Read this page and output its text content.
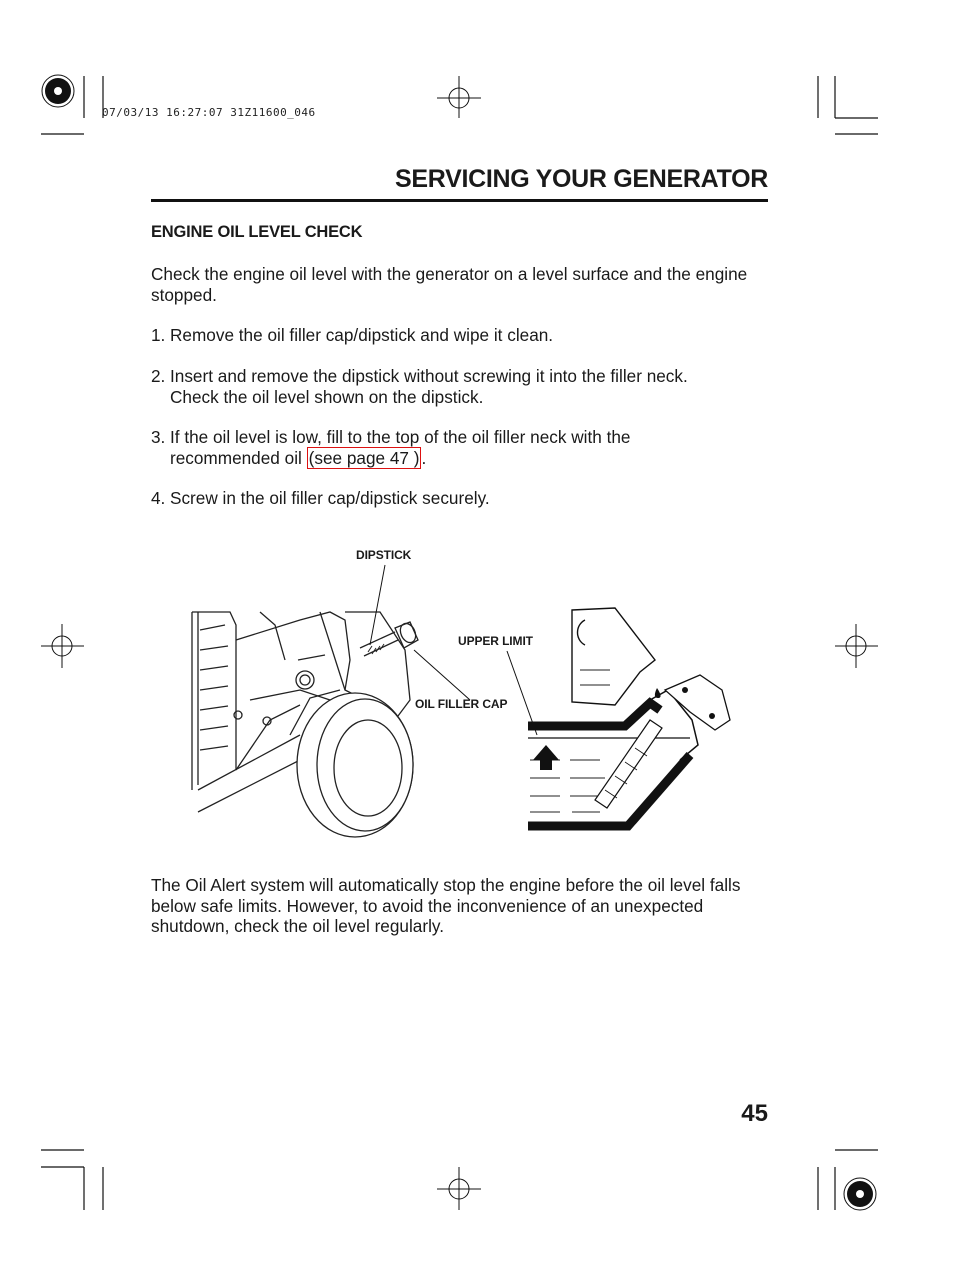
07/03/13 16:27:07 31Z11600_046
SERVICING YOUR GENERATOR
ENGINE OIL LEVEL CHECK

Check the engine oil level with the generator on a level surface and the engine stopped.

1. Remove the oil filler cap/dipstick and wipe it clean.
2. Insert and remove the dipstick without screwing it into the filler neck.
Check the oil level shown on the dipstick.
3. If the oil level is low, fill to the top of the oil filler neck with the
recommended oil (see page 47 ) .
4. Screw in the oil filler cap/dipstick securely.
DIPSTICK
UPPER LIMIT
OIL FILLER CAP

The Oil Alert system will automatically stop the engine before the oil level falls below safe limits. However, to avoid the inconvenience of an unexpected shutdown, check the oil level regularly.

45
